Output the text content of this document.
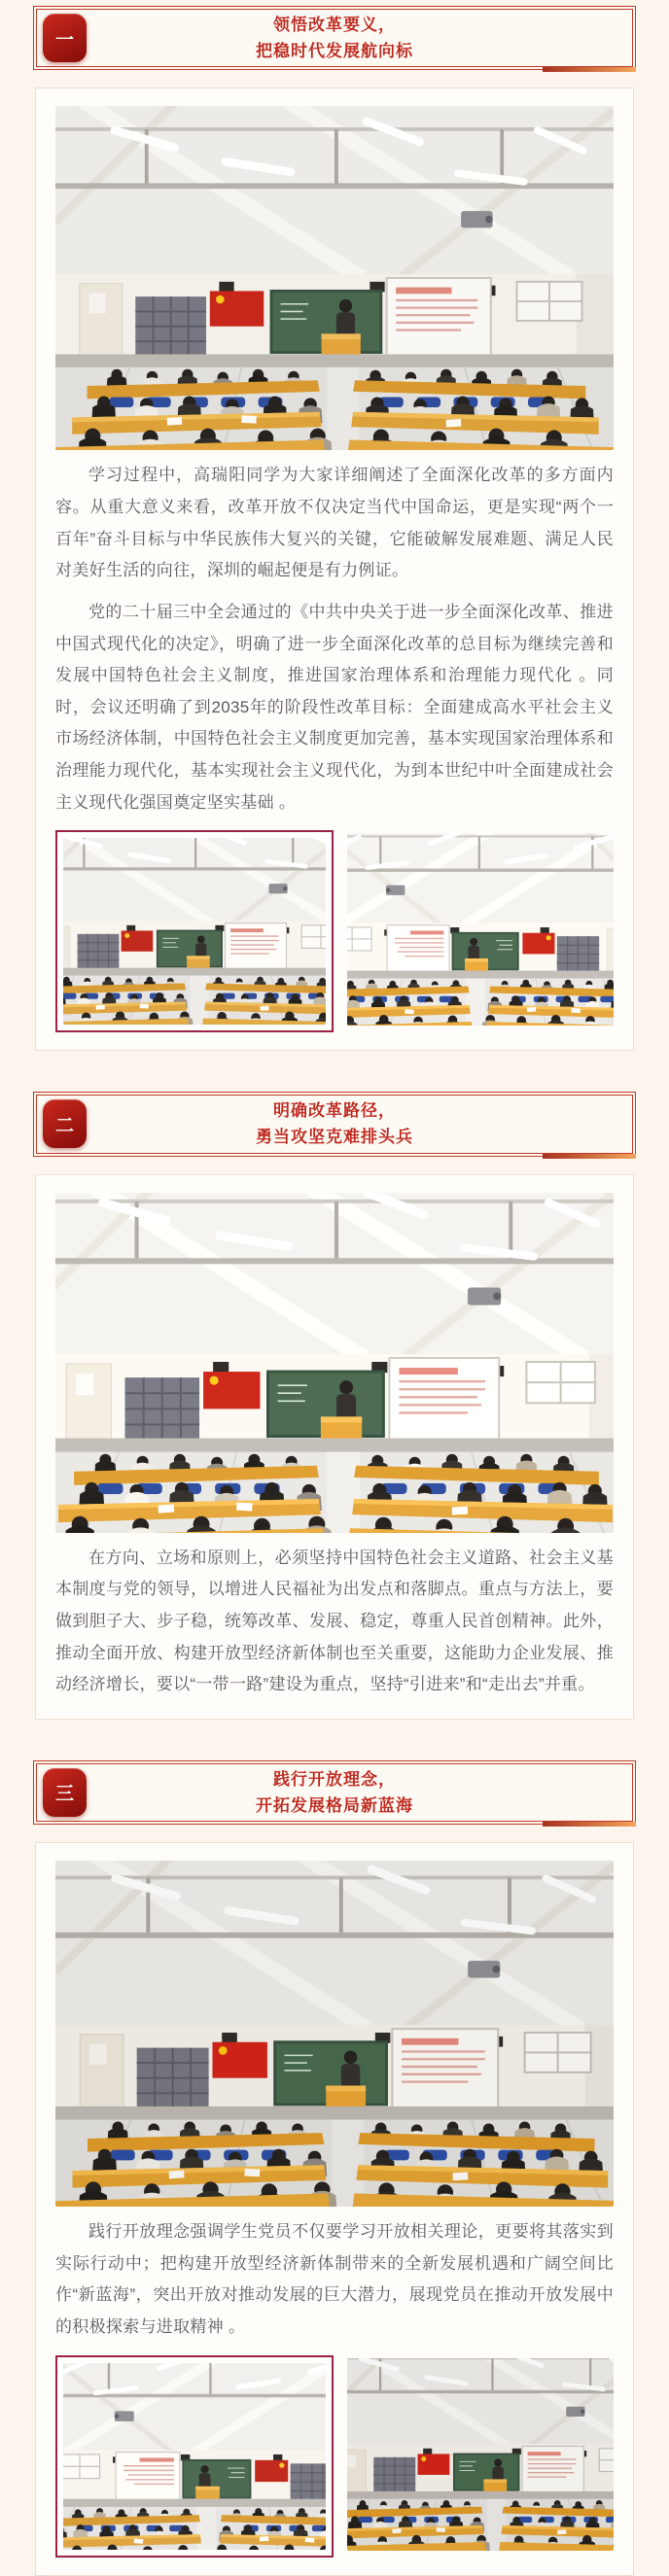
一
领悟改革要义，
把稳时代发展航向标

学习过程中，高瑞阳同学为大家详细阐述了全面深化改革的多方面内容。从重大意义来看，改革开放不仅决定当代中国命运，更是实现“两个一百年”奋斗目标与中华民族伟大复兴的关键，它能破解发展难题、满足人民对美好生活的向往，深圳的崛起便是有力例证。

党的二十届三中全会通过的《中共中央关于进一步全面深化改革、推进中国式现代化的决定》，明确了进一步全面深化改革的总目标为继续完善和发展中国特色社会主义制度，推进国家治理体系和治理能力现代化 。同时，会议还明确了到2035年的阶段性改革目标：全面建成高水平社会主义市场经济体制，中国特色社会主义制度更加完善，基本实现国家治理体系和治理能力现代化，基本实现社会主义现代化，为到本世纪中叶全面建成社会主义现代化强国奠定坚实基础 。

二
明确改革路径，
勇当攻坚克难排头兵

在方向、立场和原则上，必须坚持中国特色社会主义道路、社会主义基本制度与党的领导，以增进人民福祉为出发点和落脚点。重点与方法上，要做到胆子大、步子稳，统筹改革、发展、稳定，尊重人民首创精神。此外，推动全面开放、构建开放型经济新体制也至关重要，这能助力企业发展、推动经济增长，要以“一带一路”建设为重点，坚持“引进来”和“走出去”并重。

三
践行开放理念，
开拓发展格局新蓝海

践行开放理念强调学生党员不仅要学习开放相关理论，更要将其落实到实际行动中；把构建开放型经济新体制带来的全新发展机遇和广阔空间比作“新蓝海”，突出开放对推动发展的巨大潜力，展现党员在推动开放发展中的积极探索与进取精神 。
